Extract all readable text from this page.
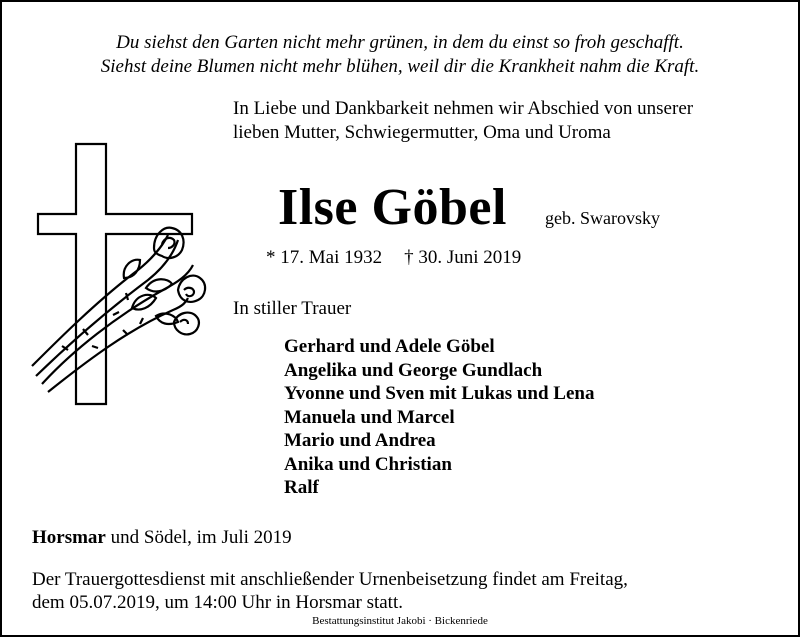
Du siehst den Garten nicht mehr grünen, in dem du einst so froh geschafft.
Siehst deine Blumen nicht mehr blühen, weil dir die Krankheit nahm die Kraft.
In Liebe und Dankbarkeit nehmen wir Abschied von unserer
lieben Mutter, Schwiegermutter, Oma und Uroma
Ilse Göbel geb. Swarovsky
* 17. Mai 1932 † 30. Juni 2019
In stiller Trauer
Gerhard und Adele Göbel
Angelika und George Gundlach
Yvonne und Sven mit Lukas und Lena
Manuela und Marcel
Mario und Andrea
Anika und Christian
Ralf
Horsmar und Södel, im Juli 2019
Der Trauergottesdienst mit anschließender Urnenbeisetzung findet am Freitag,
dem 05.07.2019, um 14:00 Uhr in Horsmar statt.
Bestattungsinstitut Jakobi · Bickenriede
